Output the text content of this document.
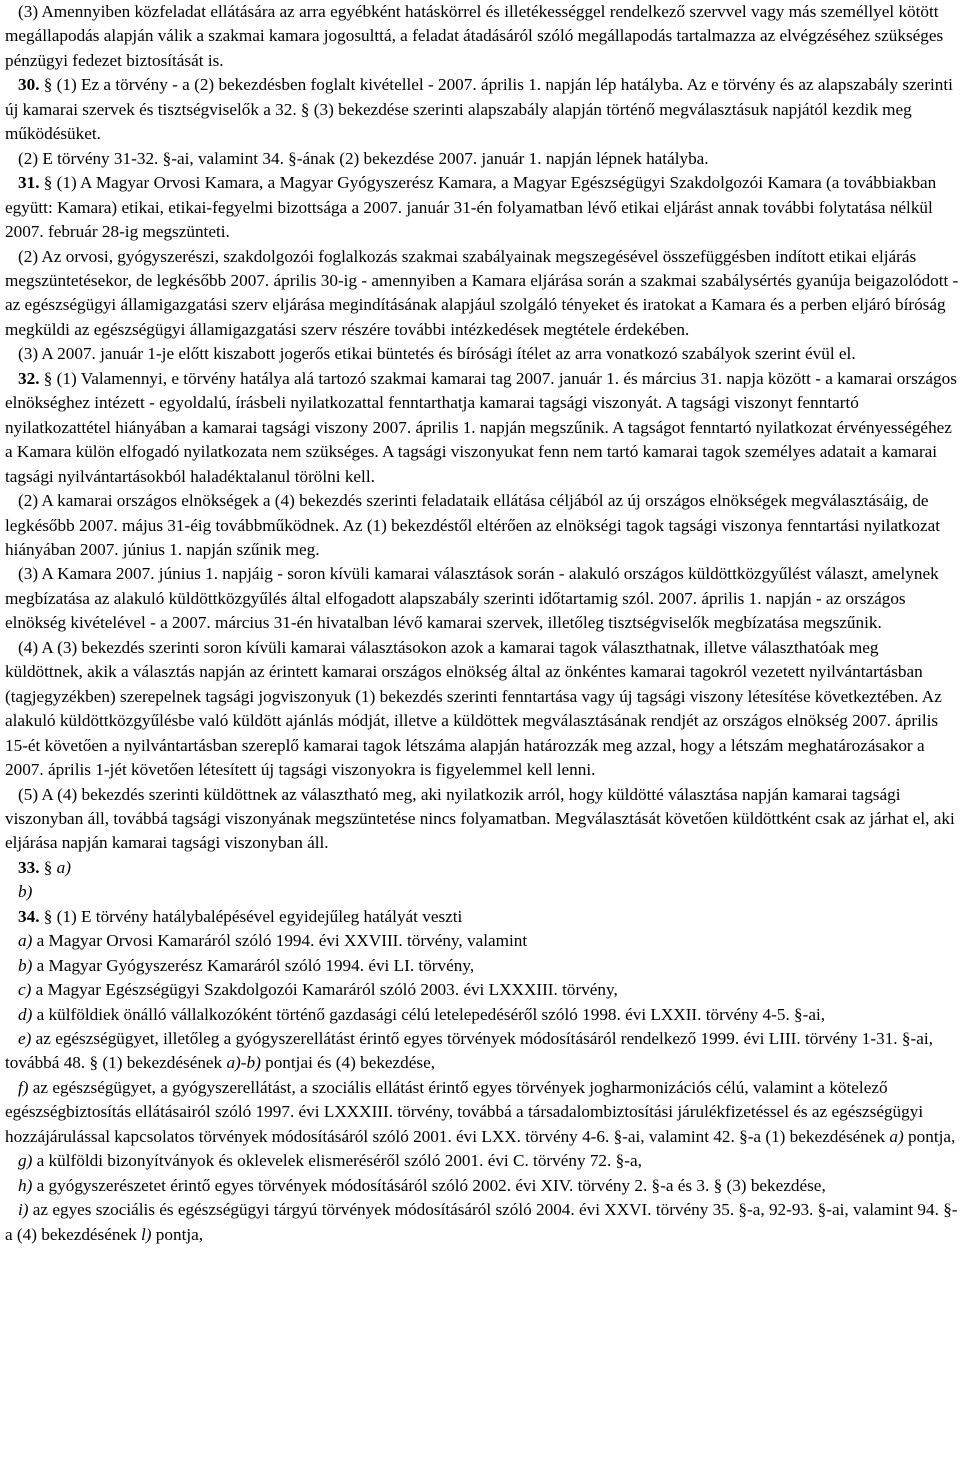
(3) Amennyiben közfeladat ellátására az arra egyébként hatáskörrel és illetékességgel rendelkező szervvel vagy más személlyel kötött megállapodás alapján válik a szakmai kamara jogosulttá, a feladat átadásáról szóló megállapodás tartalmazza az elvégzéséhez szükséges pénzügyi fedezet biztosítását is.

30. § (1) Ez a törvény - a (2) bekezdésben foglalt kivétellel - 2007. április 1. napján lép hatályba. Az e törvény és az alapszabály szerinti új kamarai szervek és tisztségviselők a 32. § (3) bekezdése szerinti alapszabály alapján történő megválasztásuk napjától kezdik meg működésüket.

(2) E törvény 31-32. §-ai, valamint 34. §-ának (2) bekezdése 2007. január 1. napján lépnek hatályba.

31. § (1) A Magyar Orvosi Kamara, a Magyar Gyógyszerész Kamara, a Magyar Egészségügyi Szakdolgozói Kamara (a továbbiakban együtt: Kamara) etikai, etikai-fegyelmi bizottsága a 2007. január 31-én folyamatban lévő etikai eljárást annak további folytatása nélkül 2007. február 28-ig megszünteti.

(2) Az orvosi, gyógyszerészi, szakdolgozói foglalkozás szakmai szabályainak megszegésével összefüggésben indított etikai eljárás megszüntetésekor, de legkésőbb 2007. április 30-ig - amennyiben a Kamara eljárása során a szakmai szabálysértés gyanúja beigazolódott - az egészségügyi államigazgatási szerv eljárása megindításának alapjául szolgáló tényeket és iratokat a Kamara és a perben eljáró bíróság megküldi az egészségügyi államigazgatási szerv részére további intézkedések megtétele érdekében.

(3) A 2007. január 1-je előtt kiszabott jogerős etikai büntetés és bírósági ítélet az arra vonatkozó szabályok szerint évül el.

32. § (1) Valamennyi, e törvény hatálya alá tartozó szakmai kamarai tag 2007. január 1. és március 31. napja között - a kamarai országos elnökséghez intézett - egyoldalú, írásbeli nyilatkozattal fenntarthatja kamarai tagsági viszonyát. A tagsági viszonyt fenntartó nyilatkozattétel hiányában a kamarai tagsági viszony 2007. április 1. napján megszűnik. A tagságot fenntartó nyilatkozat érvényességéhez a Kamara külön elfogadó nyilatkozata nem szükséges. A tagsági viszonyukat fenn nem tartó kamarai tagok személyes adatait a kamarai tagsági nyilvántartásokból haladéktalanul törölni kell.

(2) A kamarai országos elnökségek a (4) bekezdés szerinti feladataik ellátása céljából az új országos elnökségek megválasztásáig, de legkésőbb 2007. május 31-éig továbbműködnek. Az (1) bekezdéstől eltérően az elnökségi tagok tagsági viszonya fenntartási nyilatkozat hiányában 2007. június 1. napján szűnik meg.

(3) A Kamara 2007. június 1. napjáig - soron kívüli kamarai választások során - alakuló országos küldöttközgyűlést választ, amelynek megbízatása az alakuló küldöttközgyűlés által elfogadott alapszabály szerinti időtartamig szól. 2007. április 1. napján - az országos elnökség kivételével - a 2007. március 31-én hivatalban lévő kamarai szervek, illetőleg tisztségviselők megbízatása megszűnik.

(4) A (3) bekezdés szerinti soron kívüli kamarai választásokon azok a kamarai tagok választhatnak, illetve választhatóak meg küldöttnek, akik a választás napján az érintett kamarai országos elnökség által az önkéntes kamarai tagokról vezetett nyilvántartásban (tagjegyzékben) szerepelnek tagsági jogviszonyuk (1) bekezdés szerinti fenntartása vagy új tagsági viszony létesítése következtében. Az alakuló küldöttközgyűlésbe való küldött ajánlás módját, illetve a küldöttek megválasztásának rendjét az országos elnökség 2007. április 15-ét követően a nyilvántartásban szereplő kamarai tagok létszáma alapján határozzák meg azzal, hogy a létszám meghatározásakor a 2007. április 1-jét követően létesített új tagsági viszonyokra is figyelemmel kell lenni.

(5) A (4) bekezdés szerinti küldöttnek az választható meg, aki nyilatkozik arról, hogy küldötté választása napján kamarai tagsági viszonyban áll, továbbá tagsági viszonyának megszüntetése nincs folyamatban. Megválasztását követően küldöttként csak az járhat el, aki eljárása napján kamarai tagsági viszonyban áll.

33. § a)

b)

34. § (1) E törvény hatálybalépésével egyidejűleg hatályát veszti

a) a Magyar Orvosi Kamaráról szóló 1994. évi XXVIII. törvény, valamint

b) a Magyar Gyógyszerész Kamaráról szóló 1994. évi LI. törvény,

c) a Magyar Egészségügyi Szakdolgozói Kamaráról szóló 2003. évi LXXXIII. törvény,

d) a külföldiek önálló vállalkozóként történő gazdasági célú letelepedéséről szóló 1998. évi LXXII. törvény 4-5. §-ai,

e) az egészségügyet, illetőleg a gyógyszerellátást érintő egyes törvények módosításáról rendelkező 1999. évi LIII. törvény 1-31. §-ai, továbbá 48. § (1) bekezdésének a)-b) pontjai és (4) bekezdése,

f) az egészségügyet, a gyógyszerellátást, a szociális ellátást érintő egyes törvények jogharmonizációs célú, valamint a kötelező egészségbiztosítás ellátásairól szóló 1997. évi LXXXIII. törvény, továbbá a társadalombiztosítási járulékfizetéssel és az egészségügyi hozzájárulással kapcsolatos törvények módosításáról szóló 2001. évi LXX. törvény 4-6. §-ai, valamint 42. §-a (1) bekezdésének a) pontja,

g) a külföldi bizonyítványok és oklevelek elismeréséről szóló 2001. évi C. törvény 72. §-a,

h) a gyógyszerészetet érintő egyes törvények módosításáról szóló 2002. évi XIV. törvény 2. §-a és 3. § (3) bekezdése,

i) az egyes szociális és egészségügyi tárgyú törvények módosításáról szóló 2004. évi XXVI. törvény 35. §-a, 92-93. §-ai, valamint 94. §-a (4) bekezdésének l) pontja,
